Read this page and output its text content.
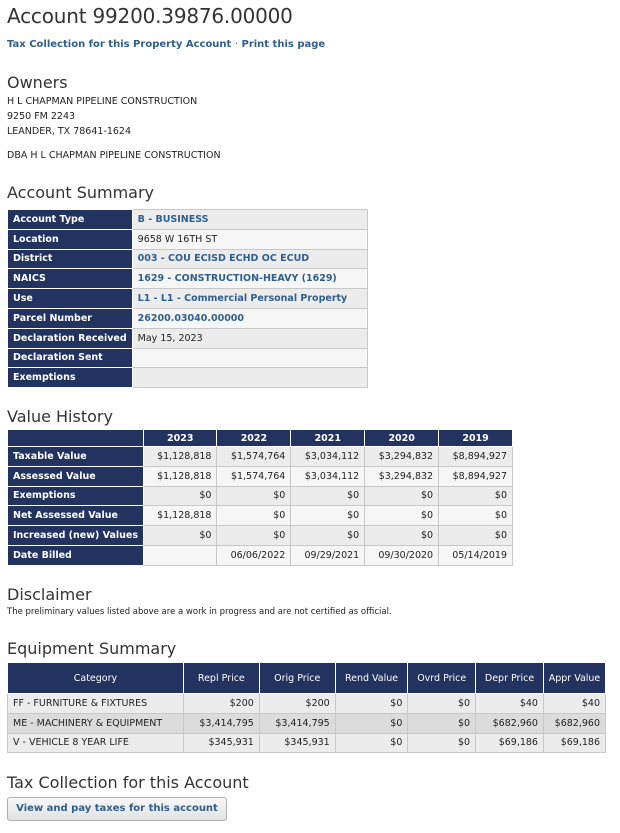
Account 99200.39876.00000
Tax Collection for this Property Account · Print this page
Owners
H L CHAPMAN PIPELINE CONSTRUCTION
9250 FM 2243
LEANDER, TX 78641-1624
DBA H L CHAPMAN PIPELINE CONSTRUCTION
Account Summary
Account Type	B - BUSINESS
Location	9658 W 16TH ST
District	003 - COU ECISD ECHD OC ECUD
NAICS	1629 - CONSTRUCTION-HEAVY (1629)
Use	L1 - L1 - Commercial Personal Property
Parcel Number	26200.03040.00000
Declaration Received	May 15, 2023
Declaration Sent	
Exemptions	
Value History
	2023	2022	2021	2020	2019
Taxable Value	$1,128,818	$1,574,764	$3,034,112	$3,294,832	$8,894,927
Assessed Value	$1,128,818	$1,574,764	$3,034,112	$3,294,832	$8,894,927
Exemptions	$0	$0	$0	$0	$0
Net Assessed Value	$1,128,818	$0	$0	$0	$0
Increased (new) Values	$0	$0	$0	$0	$0
Date Billed		06/06/2022	09/29/2021	09/30/2020	05/14/2019
Disclaimer
The preliminary values listed above are a work in progress and are not certified as official.
Equipment Summary
Category	Repl Price	Orig Price	Rend Value	Ovrd Price	Depr Price	Appr Value
FF - FURNITURE & FIXTURES	$200	$200	$0	$0	$40	$40
ME - MACHINERY & EQUIPMENT	$3,414,795	$3,414,795	$0	$0	$682,960	$682,960
V - VEHICLE 8 YEAR LIFE	$345,931	$345,931	$0	$0	$69,186	$69,186
Tax Collection for this Account
View and pay taxes for this account
